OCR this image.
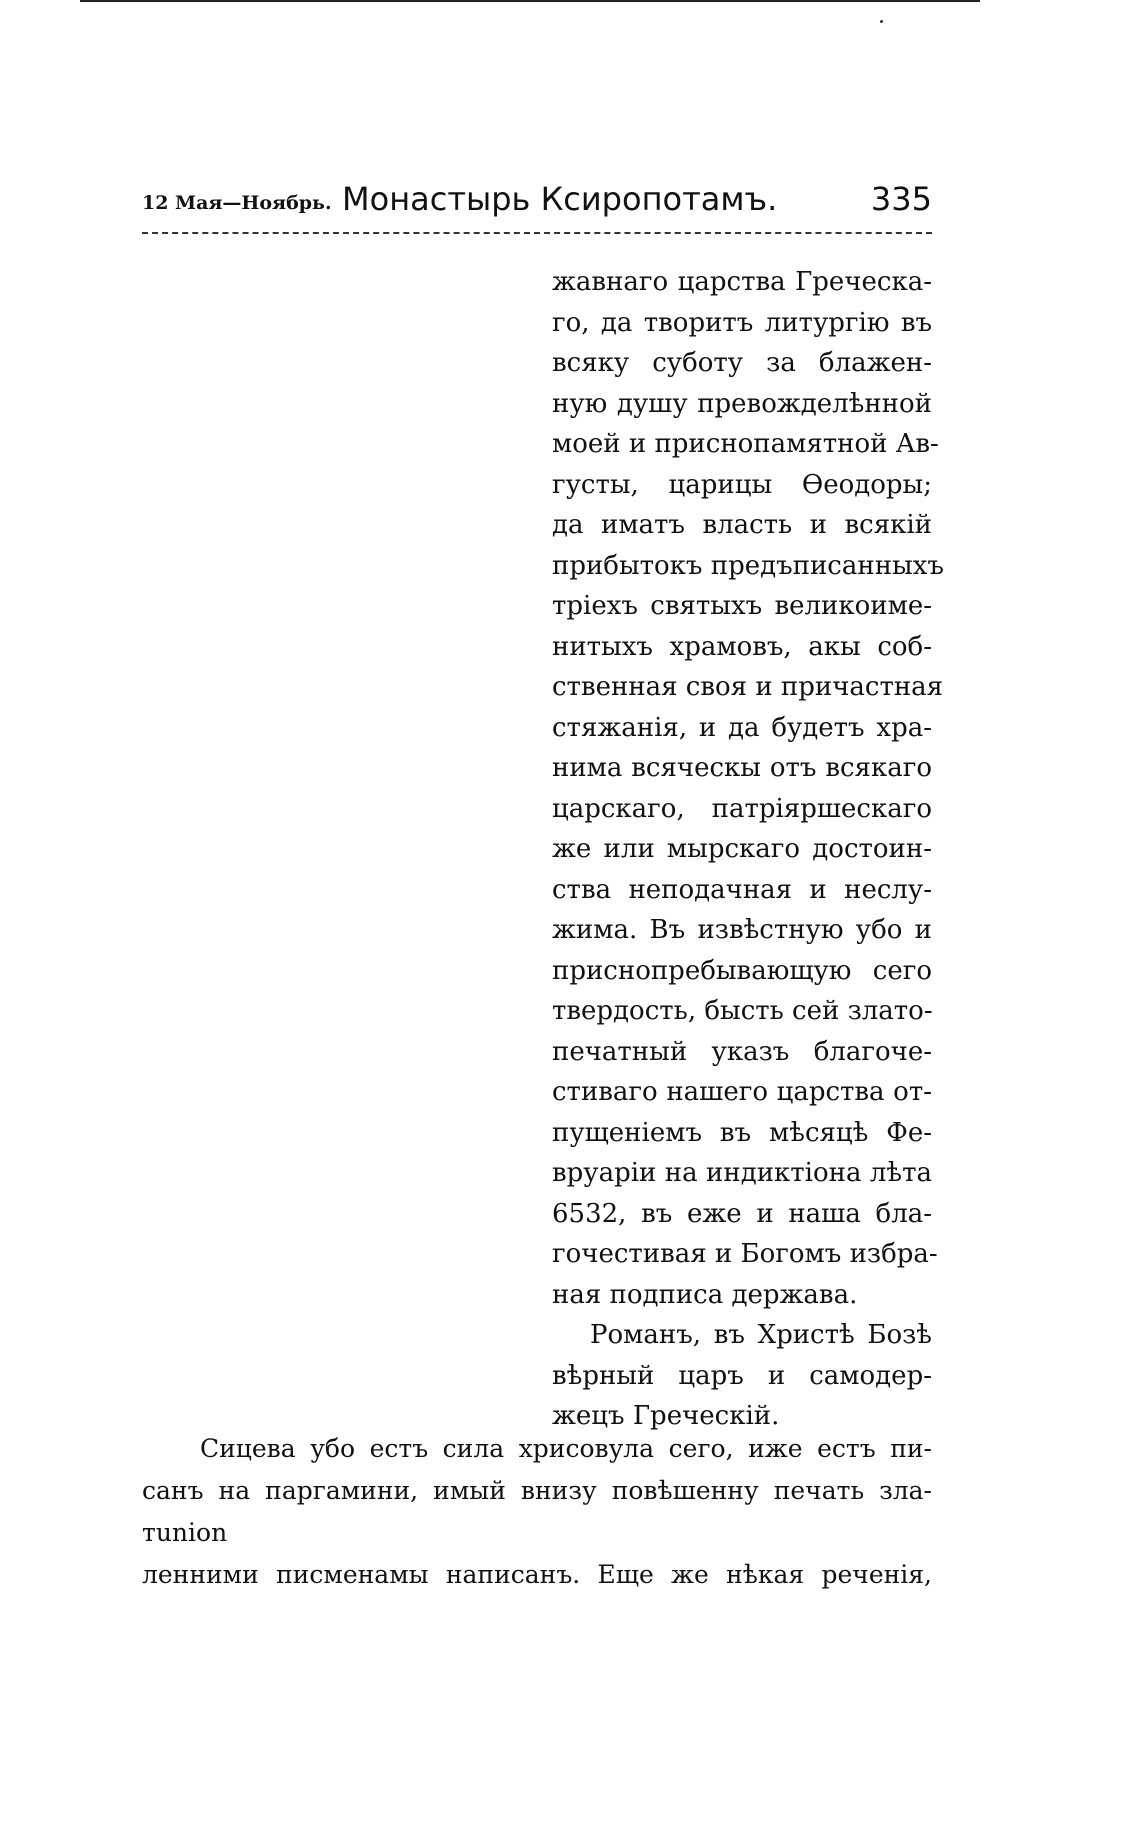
12 Мая—Ноябрь. Монастырь Ксиропотамъ.	335
жавнаго царства Греческа-
го, да творитъ литургію въ
всяку суботу за блажен-
ную душу превожделѣнной
моей и приснопамятной Ав-
густы, царицы Ѳеодоры;
да иматъ власть и всякій
прибытокъ предъписанныхъ
тріехъ святыхъ великоиме-
нитыхъ храмовъ, акы соб-
ственная своя и причастная
стяжанія, и да будетъ хра-
нима всяческы отъ всякаго
царскаго, патріяршескаго
же или мырскаго достоин-
ства неподачная и неслу-
жима. Въ извѣстную убо и
приснопребывающую сего
твердость, бысть сей злато-
печатный указъ благоче-
стиваго нашего царства от-
пущеніемъ въ мѣсяцѣ Фе-
вруаріи на индиктіона лѣта
6532, въ еже и наша бла-
гочестивая и Богомъ избра-
ная подписа держава.
Романъ, въ Христѣ Бозѣ
вѣрный царъ и самодер-
жецъ Греческій.
Сицева убо естъ сила хрисовула сего, иже естъ пи-
санъ на паргамини, имый внизу повѣшенну печать зла-
тunion
ленними писменамы написанъ. Еще же нѣкая реченія,
